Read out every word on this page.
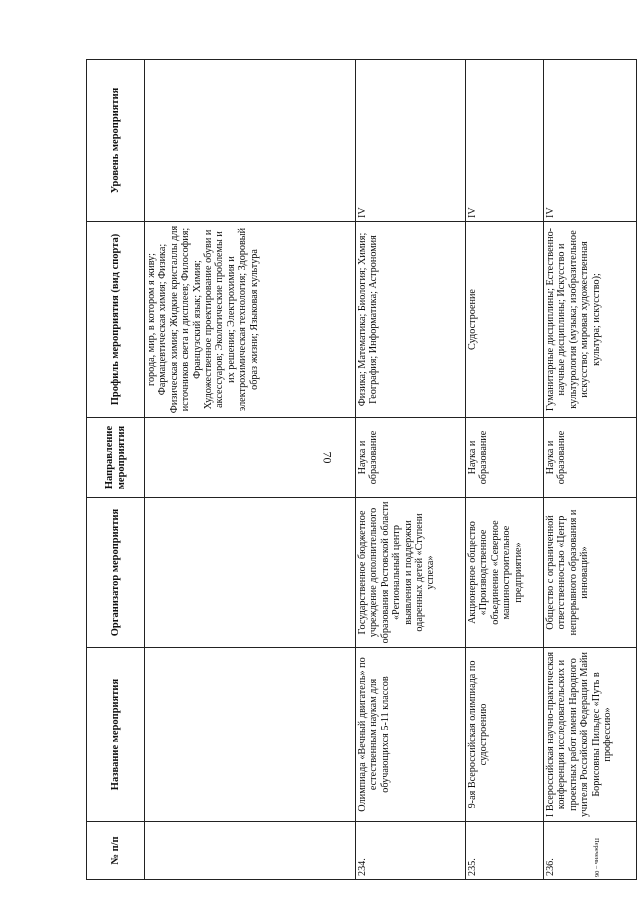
70
№ п/п	Название мероприятия	Организатор мероприятия	Направление мероприятия	Профиль мероприятия (вид спорта)	Уровень мероприятия
				города, мир, в котором я живу; Фармацевтическая химия; Физика; Физическая химия; Жидкие кристаллы для источников света и дисплеев; Философия; Французский язык; Химия; Художественное проектирование обуви и аксессуаров; Экологические проблемы и их решения; Электрохимия и электрохимическая технология; Здоровый образ жизни; Языковая культура	
234.	Олимпиада «Вечный двигатель» по естественным наукам для обучающихся 5-11 классов	Государственное бюджетное учреждение дополнительного образования Ростовской области «Региональный центр выявления и поддержки одаренных детей «Ступени успеха»	Наука и образование	Физика; Математика; Биология; Химия; География; Информатика; Астрономия	IV
235.	9-ая Всероссийская олимпиада по судостроению	Акционерное общество «Производственное объединение «Северное машиностроительное предприятие»	Наука и образование	Судостроение	IV
236.	I Всероссийская научно-практическая конференция исследовательских и проектных работ имени Народного учителя Российской Федерации Майи Борисовны Пильдес «Путь в профессию»	Общество с ограниченной ответственностью «Центр непрерывного образования и инноваций»	Наука и образование	Гуманитарные дисциплины; Естественно-научные дисциплины; Искусство и культурология (музыка; изобразительное искусство; мировая художественная культура; искусство);	IV
Перечень – 06
